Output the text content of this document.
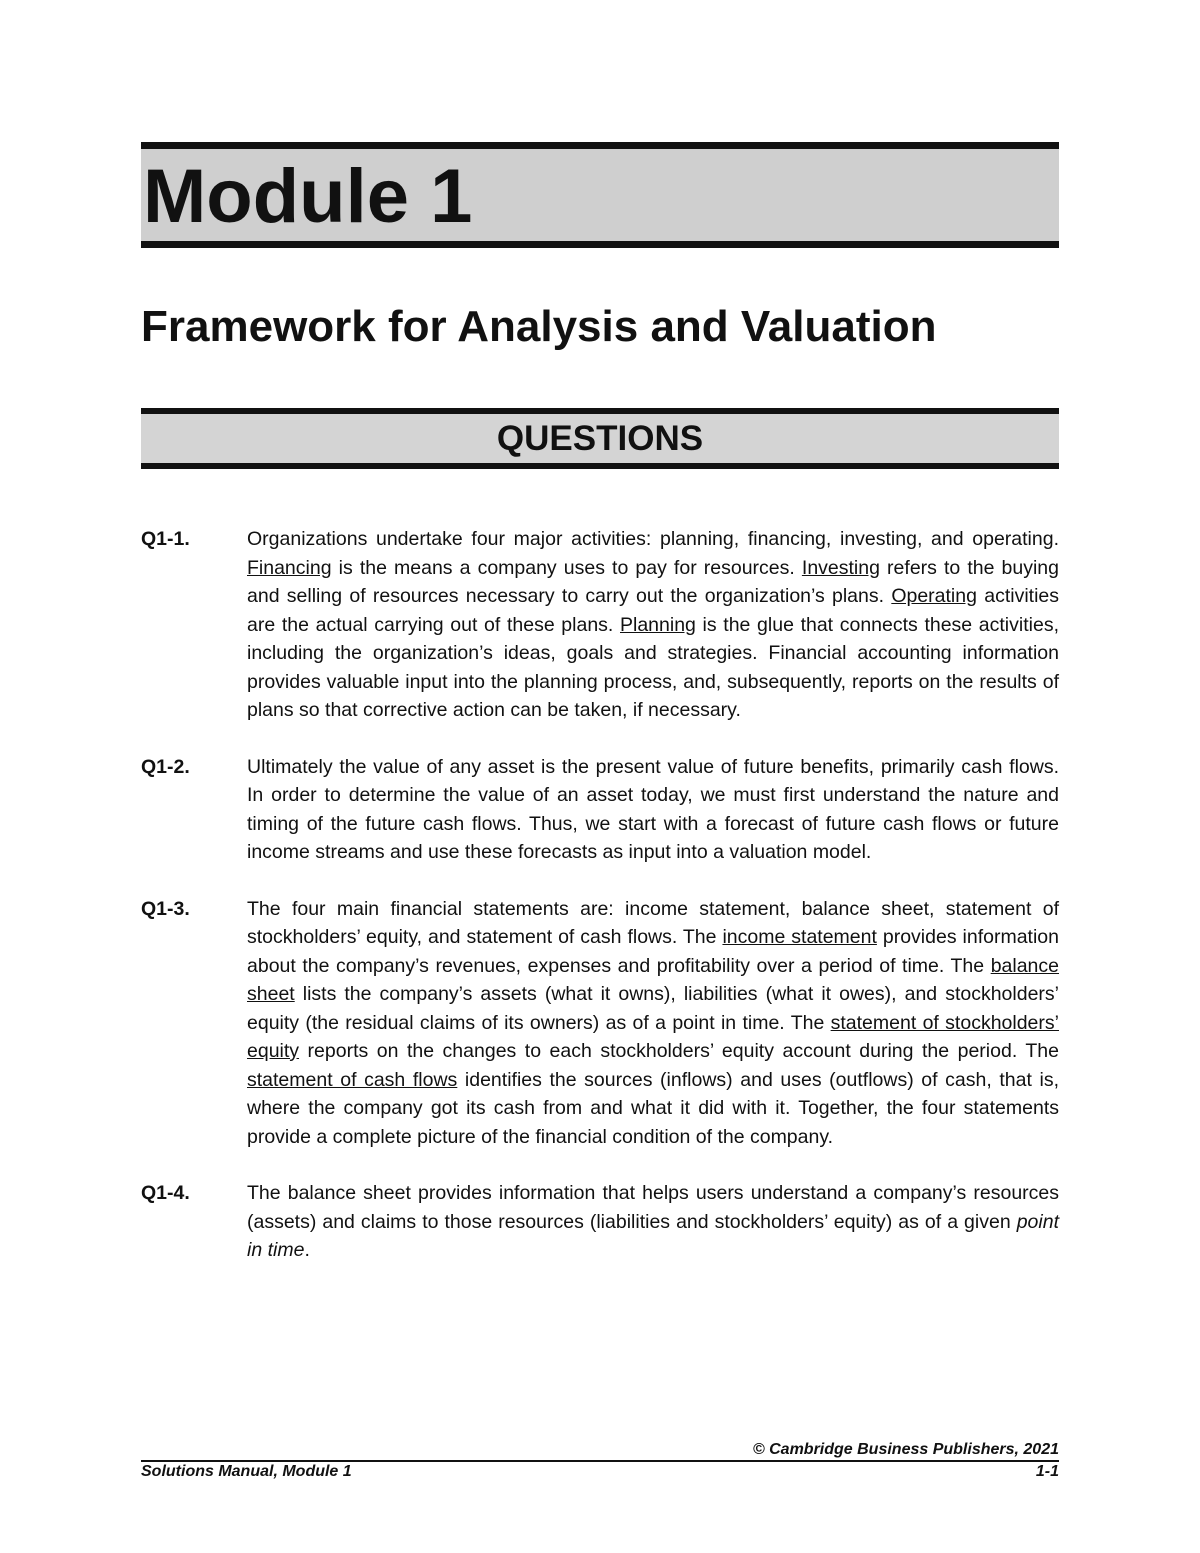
Module 1
Framework for Analysis and Valuation
QUESTIONS
Q1-1.	Organizations undertake four major activities: planning, financing, investing, and operating. Financing is the means a company uses to pay for resources. Investing refers to the buying and selling of resources necessary to carry out the organization’s plans. Operating activities are the actual carrying out of these plans. Planning is the glue that connects these activities, including the organization’s ideas, goals and strategies. Financial accounting information provides valuable input into the planning process, and, subsequently, reports on the results of plans so that corrective action can be taken, if necessary.

Q1-2.	Ultimately the value of any asset is the present value of future benefits, primarily cash flows. In order to determine the value of an asset today, we must first understand the nature and timing of the future cash flows. Thus, we start with a forecast of future cash flows or future income streams and use these forecasts as input into a valuation model.

Q1-3.	The four main financial statements are: income statement, balance sheet, statement of stockholders’ equity, and statement of cash flows. The income statement provides information about the company’s revenues, expenses and profitability over a period of time. The balance sheet lists the company’s assets (what it owns), liabilities (what it owes), and stockholders’ equity (the residual claims of its owners) as of a point in time. The statement of stockholders’ equity reports on the changes to each stockholders’ equity account during the period. The statement of cash flows identifies the sources (inflows) and uses (outflows) of cash, that is, where the company got its cash from and what it did with it. Together, the four statements provide a complete picture of the financial condition of the company.

Q1-4.	The balance sheet provides information that helps users understand a company’s resources (assets) and claims to those resources (liabilities and stockholders’ equity) as of a given point in time.

© Cambridge Business Publishers, 2021
Solutions Manual, Module 1	1-1
